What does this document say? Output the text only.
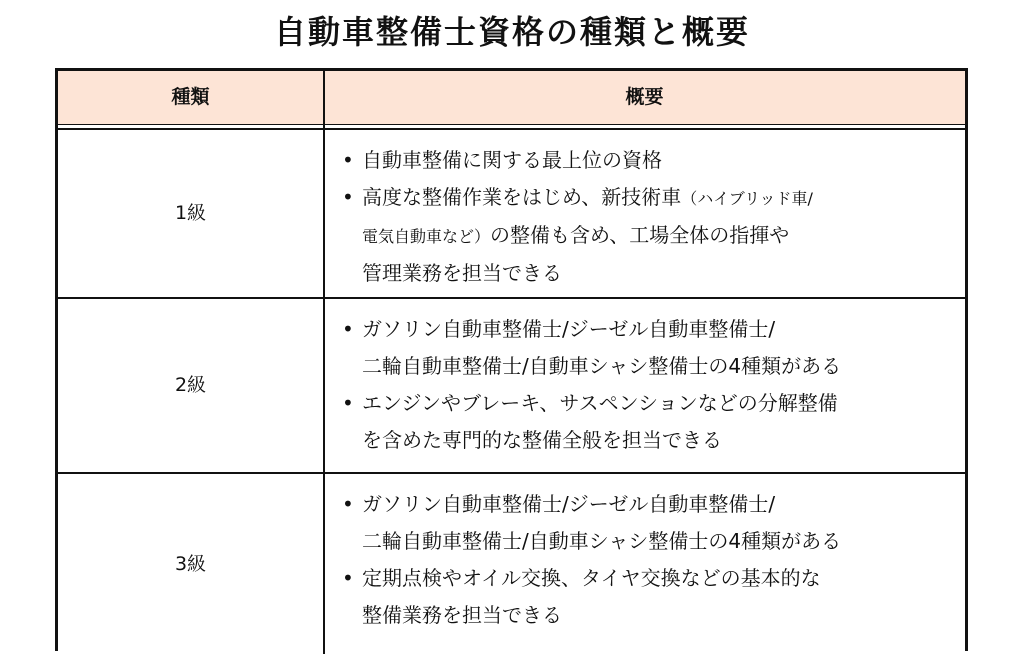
自動車整備士資格の種類と概要
種類	概要
1級
• 自動車整備に関する最上位の資格
• 高度な整備作業をはじめ、新技術車（ハイブリッド車/
電気自動車など）の整備も含め、工場全体の指揮や
管理業務を担当できる
2級
• ガソリン自動車整備士/ジーゼル自動車整備士/
二輪自動車整備士/自動車シャシ整備士の4種類がある
• エンジンやブレーキ、サスペンションなどの分解整備
を含めた専門的な整備全般を担当できる
3級
• ガソリン自動車整備士/ジーゼル自動車整備士/
二輪自動車整備士/自動車シャシ整備士の4種類がある
• 定期点検やオイル交換、タイヤ交換などの基本的な
整備業務を担当できる
